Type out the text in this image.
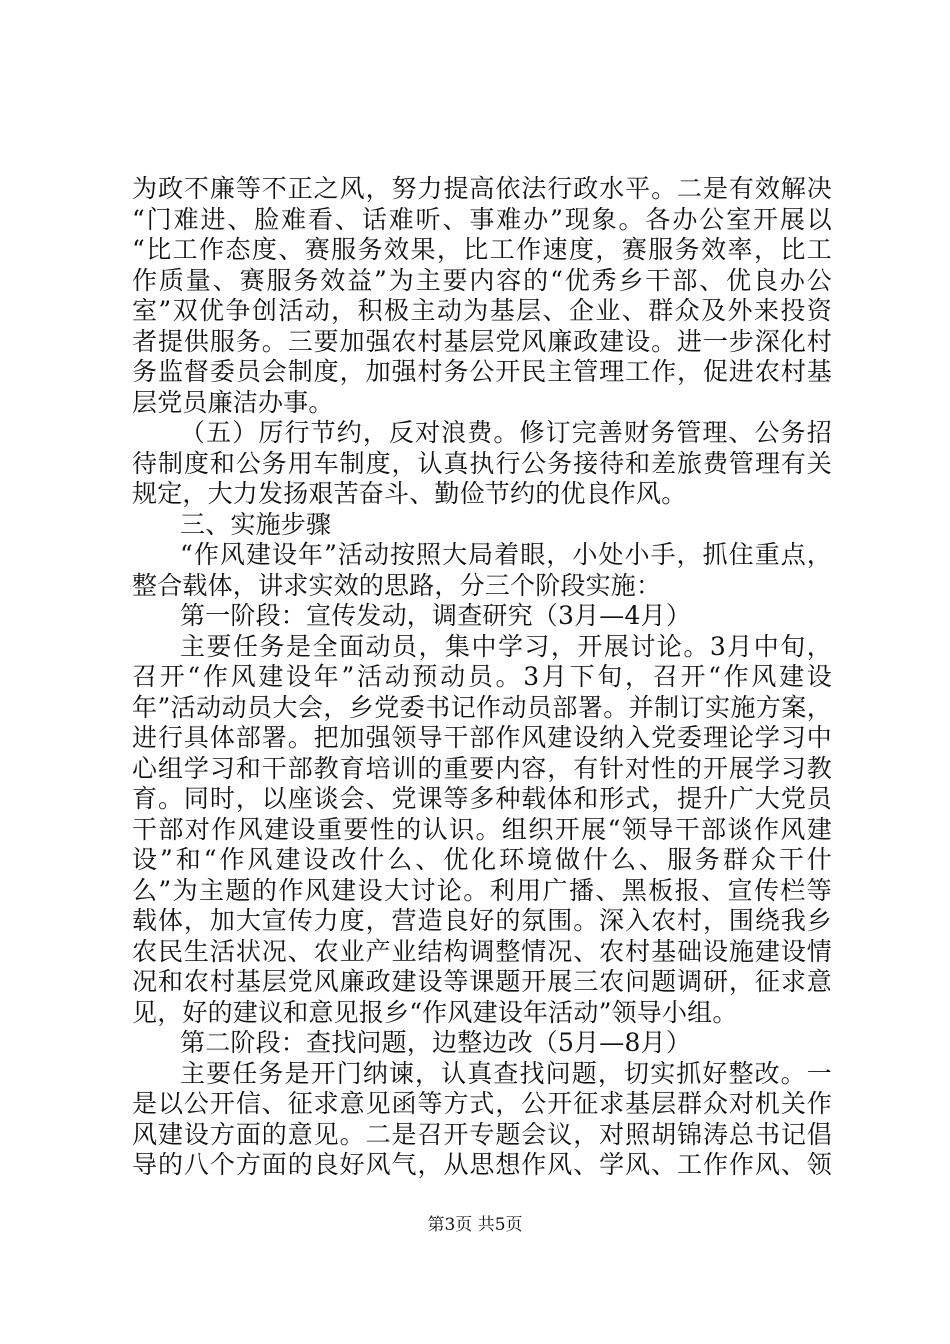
为政不廉等不正之风，努力提高依法行政水平。二是有效解决
“门难进、脸难看、话难听、事难办”现象。各办公室开展以
“比工作态度、赛服务效果，比工作速度，赛服务效率，比工
作质量、赛服务效益”为主要内容的“优秀乡干部、优良办公
室”双优争创活动，积极主动为基层、企业、群众及外来投资
者提供服务。三要加强农村基层党风廉政建设。进一步深化村
务监督委员会制度，加强村务公开民主管理工作，促进农村基
层党员廉洁办事。
（五）厉行节约，反对浪费。修订完善财务管理、公务招
待制度和公务用车制度，认真执行公务接待和差旅费管理有关
规定，大力发扬艰苦奋斗、勤俭节约的优良作风。
三、实施步骤
“作风建设年”活动按照大局着眼，小处小手，抓住重点，
整合载体，讲求实效的思路，分三个阶段实施：
第一阶段：宣传发动，调查研究（3月—4月）
主要任务是全面动员，集中学习，开展讨论。3月中旬，
召开“作风建设年”活动预动员。3月下旬，召开“作风建设
年”活动动员大会，乡党委书记作动员部署。并制订实施方案，
进行具体部署。把加强领导干部作风建设纳入党委理论学习中
心组学习和干部教育培训的重要内容，有针对性的开展学习教
育。同时，以座谈会、党课等多种载体和形式，提升广大党员
干部对作风建设重要性的认识。组织开展“领导干部谈作风建
设”和“作风建设改什么、优化环境做什么、服务群众干什
么”为主题的作风建设大讨论。利用广播、黑板报、宣传栏等
载体，加大宣传力度，营造良好的氛围。深入农村，围绕我乡
农民生活状况、农业产业结构调整情况、农村基础设施建设情
况和农村基层党风廉政建设等课题开展三农问题调研，征求意
见，好的建议和意见报乡“作风建设年活动”领导小组。
第二阶段：查找问题，边整边改（5月—8月）
主要任务是开门纳谏，认真查找问题，切实抓好整改。一
是以公开信、征求意见函等方式，公开征求基层群众对机关作
风建设方面的意见。二是召开专题会议，对照胡锦涛总书记倡
导的八个方面的良好风气，从思想作风、学风、工作作风、领
第3页 共5页
